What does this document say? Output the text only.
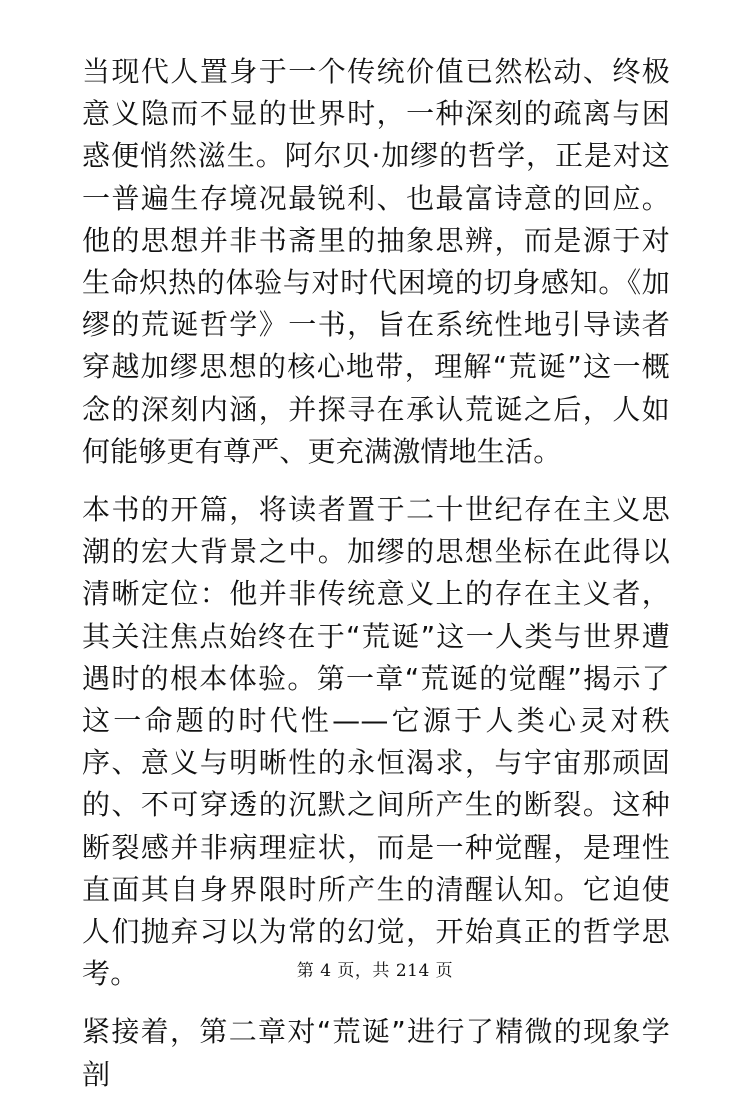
当现代人置身于一个传统价值已然松动、终极意义隐而不显的世界时，一种深刻的疏离与困惑便悄然滋生。阿尔贝·加缪的哲学，正是对这一普遍生存境况最锐利、也最富诗意的回应。他的思想并非书斋里的抽象思辨，而是源于对生命炽热的体验与对时代困境的切身感知。《加缪的荒诞哲学》一书，旨在系统性地引导读者穿越加缪思想的核心地带，理解“荒诞”这一概念的深刻内涵，并探寻在承认荒诞之后，人如何能够更有尊严、更充满激情地生活。

本书的开篇，将读者置于二十世纪存在主义思潮的宏大背景之中。加缪的思想坐标在此得以清晰定位：他并非传统意义上的存在主义者，其关注焦点始终在于“荒诞”这一人类与世界遭遇时的根本体验。第一章“荒诞的觉醒”揭示了这一命题的时代性——它源于人类心灵对秩序、意义与明晰性的永恒渴求，与宇宙那顽固的、不可穿透的沉默之间所产生的断裂。这种断裂感并非病理症状，而是一种觉醒，是理性直面其自身界限时所产生的清醒认知。它迫使人们抛弃习以为常的幻觉，开始真正的哲学思考。

紧接着，第二章对“荒诞”进行了精微的现象学剖

第 4 页，共 214 页
